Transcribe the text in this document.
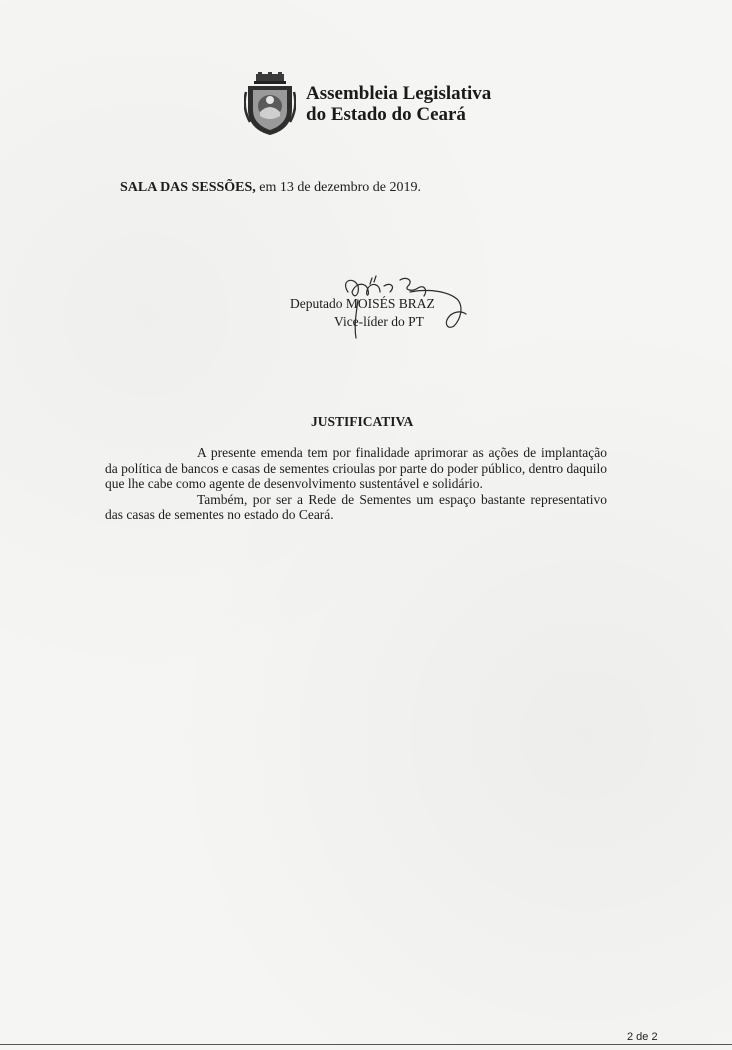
Assembleia Legislativa
do Estado do Ceará
SALA DAS SESSÕES, em 13 de dezembro de 2019.
Deputado MOISÉS BRAZ
Vice-líder do PT
JUSTIFICATIVA

A presente emenda tem por finalidade aprimorar as ações de implantação da política de bancos e casas de sementes crioulas por parte do poder público, dentro daquilo que lhe cabe como agente de desenvolvimento sustentável e solidário.

Também, por ser a Rede de Sementes um espaço bastante representativo das casas de sementes no estado do Ceará.

2 de 2
